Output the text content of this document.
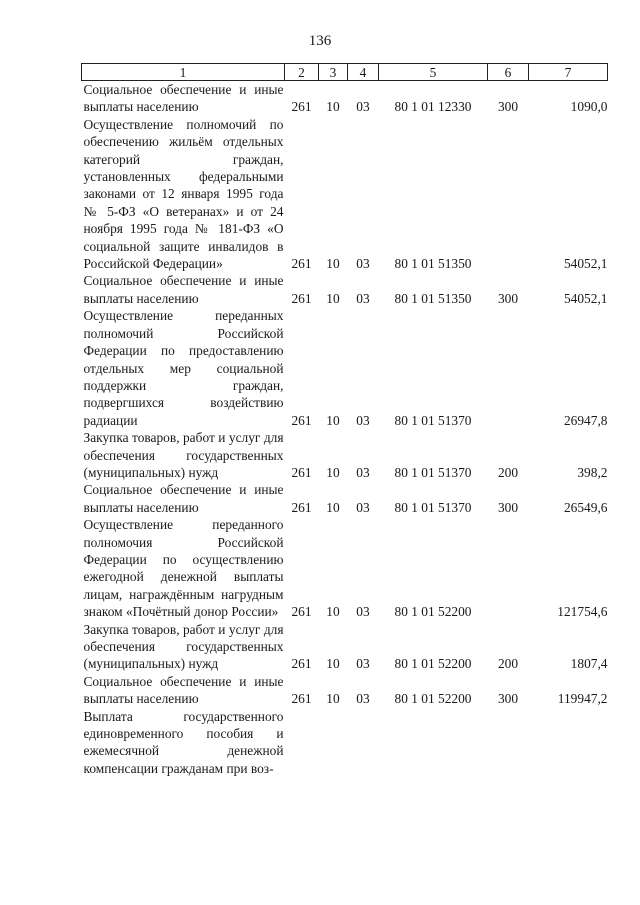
136
1	2	3	4	5	6	7
Социальное обеспечение и иные выплаты населению	261	10	03	80 1 01 12330	300	1090,0
Осуществление полномочий по обеспечению жильём отдельных категорий граждан, установленных федеральными законами от 12 января 1995 года № 5-ФЗ «О ветеранах» и от 24 ноября 1995 года № 181-ФЗ «О социальной защите инвалидов в Российской Федерации»	261	10	03	80 1 01 51350		54052,1
Социальное обеспечение и иные выплаты населению	261	10	03	80 1 01 51350	300	54052,1
Осуществление переданных полномочий Российской Федерации по предоставлению отдельных мер социальной поддержки граждан, подвергшихся воздействию радиации	261	10	03	80 1 01 51370		26947,8
Закупка товаров, работ и услуг для обеспечения государственных (муниципальных) нужд	261	10	03	80 1 01 51370	200	398,2
Социальное обеспечение и иные выплаты населению	261	10	03	80 1 01 51370	300	26549,6
Осуществление переданного полномочия Российской Федерации по осуществлению ежегодной денежной выплаты лицам, награждённым нагрудным знаком «Почётный донор России»	261	10	03	80 1 01 52200		121754,6
Закупка товаров, работ и услуг для обеспечения государственных (муниципальных) нужд	261	10	03	80 1 01 52200	200	1807,4
Социальное обеспечение и иные выплаты населению	261	10	03	80 1 01 52200	300	119947,2
Выплата государственного единовременного пособия и ежемесячной денежной компенсации гражданам при воз-						
